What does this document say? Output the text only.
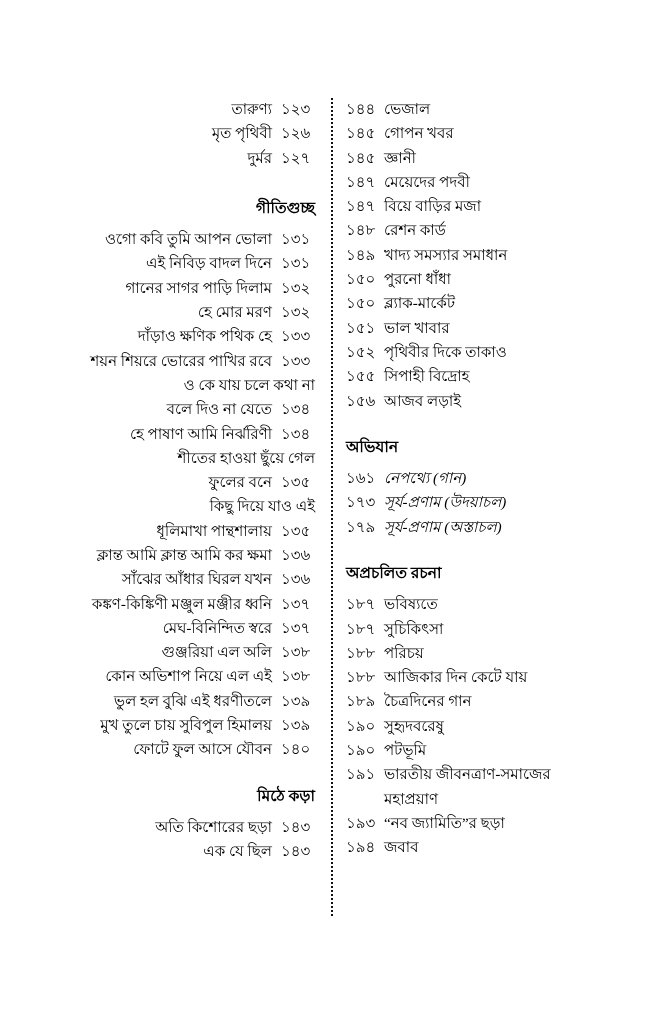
তারুণ্য ১২৩
মৃত পৃথিবী ১২৬
দুর্মর ১২৭
গীতিগুচ্ছ
ওগো কবি তুমি আপন ভোলা ১৩১
এই নিবিড় বাদল দিনে ১৩১
গানের সাগর পাড়ি দিলাম ১৩২
হে মোর মরণ ১৩২
দাঁড়াও ক্ষণিক পথিক হে ১৩৩
শয়ন শিয়রে ভোরের পাখির রবে ১৩৩
ও কে যায় চলে কথা না
বলে দিও না যেতে ১৩৪
হে পাষাণ আমি নির্ঝরিণী ১৩৪
শীতের হাওয়া ছুঁয়ে গেল
ফুলের বনে ১৩৫
কিছু দিয়ে যাও এই
ধূলিমাখা পান্থশালায় ১৩৫
ক্লান্ত আমি ক্লান্ত আমি কর ক্ষমা ১৩৬
সাঁঝের আঁধার ঘিরল যখন ১৩৬
কঙ্কণ-কিঙ্কিণী মঞ্জুল মঞ্জীর ধ্বনি ১৩৭
মেঘ-বিনিন্দিত স্বরে ১৩৭
গুঞ্জরিয়া এল অলি ১৩৮
কোন অভিশাপ নিয়ে এল এই ১৩৮
ভুল হল বুঝি এই ধরণীতলে ১৩৯
মুখ তুলে চায় সুবিপুল হিমালয় ১৩৯
ফোটে ফুল আসে যৌবন ১৪০
মিঠে কড়া
অতি কিশোরের ছড়া ১৪৩
এক যে ছিল ১৪৩
১৪৪ ভেজাল
১৪৫ গোপন খবর
১৪৫ জ্ঞানী
১৪৭ মেয়েদের পদবী
১৪৭ বিয়ে বাড়ির মজা
১৪৮ রেশন কার্ড
১৪৯ খাদ্য সমস্যার সমাধান
১৫০ পুরনো ধাঁধা
১৫০ ব্ল্যাক-মার্কেট
১৫১ ভাল খাবার
১৫২ পৃথিবীর দিকে তাকাও
১৫৫ সিপাহী বিদ্রোহ
১৫৬ আজব লড়াই
অভিযান
১৬১ নেপথ্যে (গান)
১৭৩ সূর্য-প্রণাম (উদয়াচল)
১৭৯ সূর্য-প্রণাম (অস্তাচল)
অপ্রচলিত রচনা
১৮৭ ভবিষ্যতে
১৮৭ সুচিকিৎসা
১৮৮ পরিচয়
১৮৮ আজিকার দিন কেটে যায়
১৮৯ চৈত্রদিনের গান
১৯০ সুহৃদবরেষু
১৯০ পটভূমি
১৯১ ভারতীয় জীবনত্রাণ-সমাজের
মহাপ্রয়াণ
১৯৩ “নব জ্যামিতি”র ছড়া
১৯৪ জবাব
